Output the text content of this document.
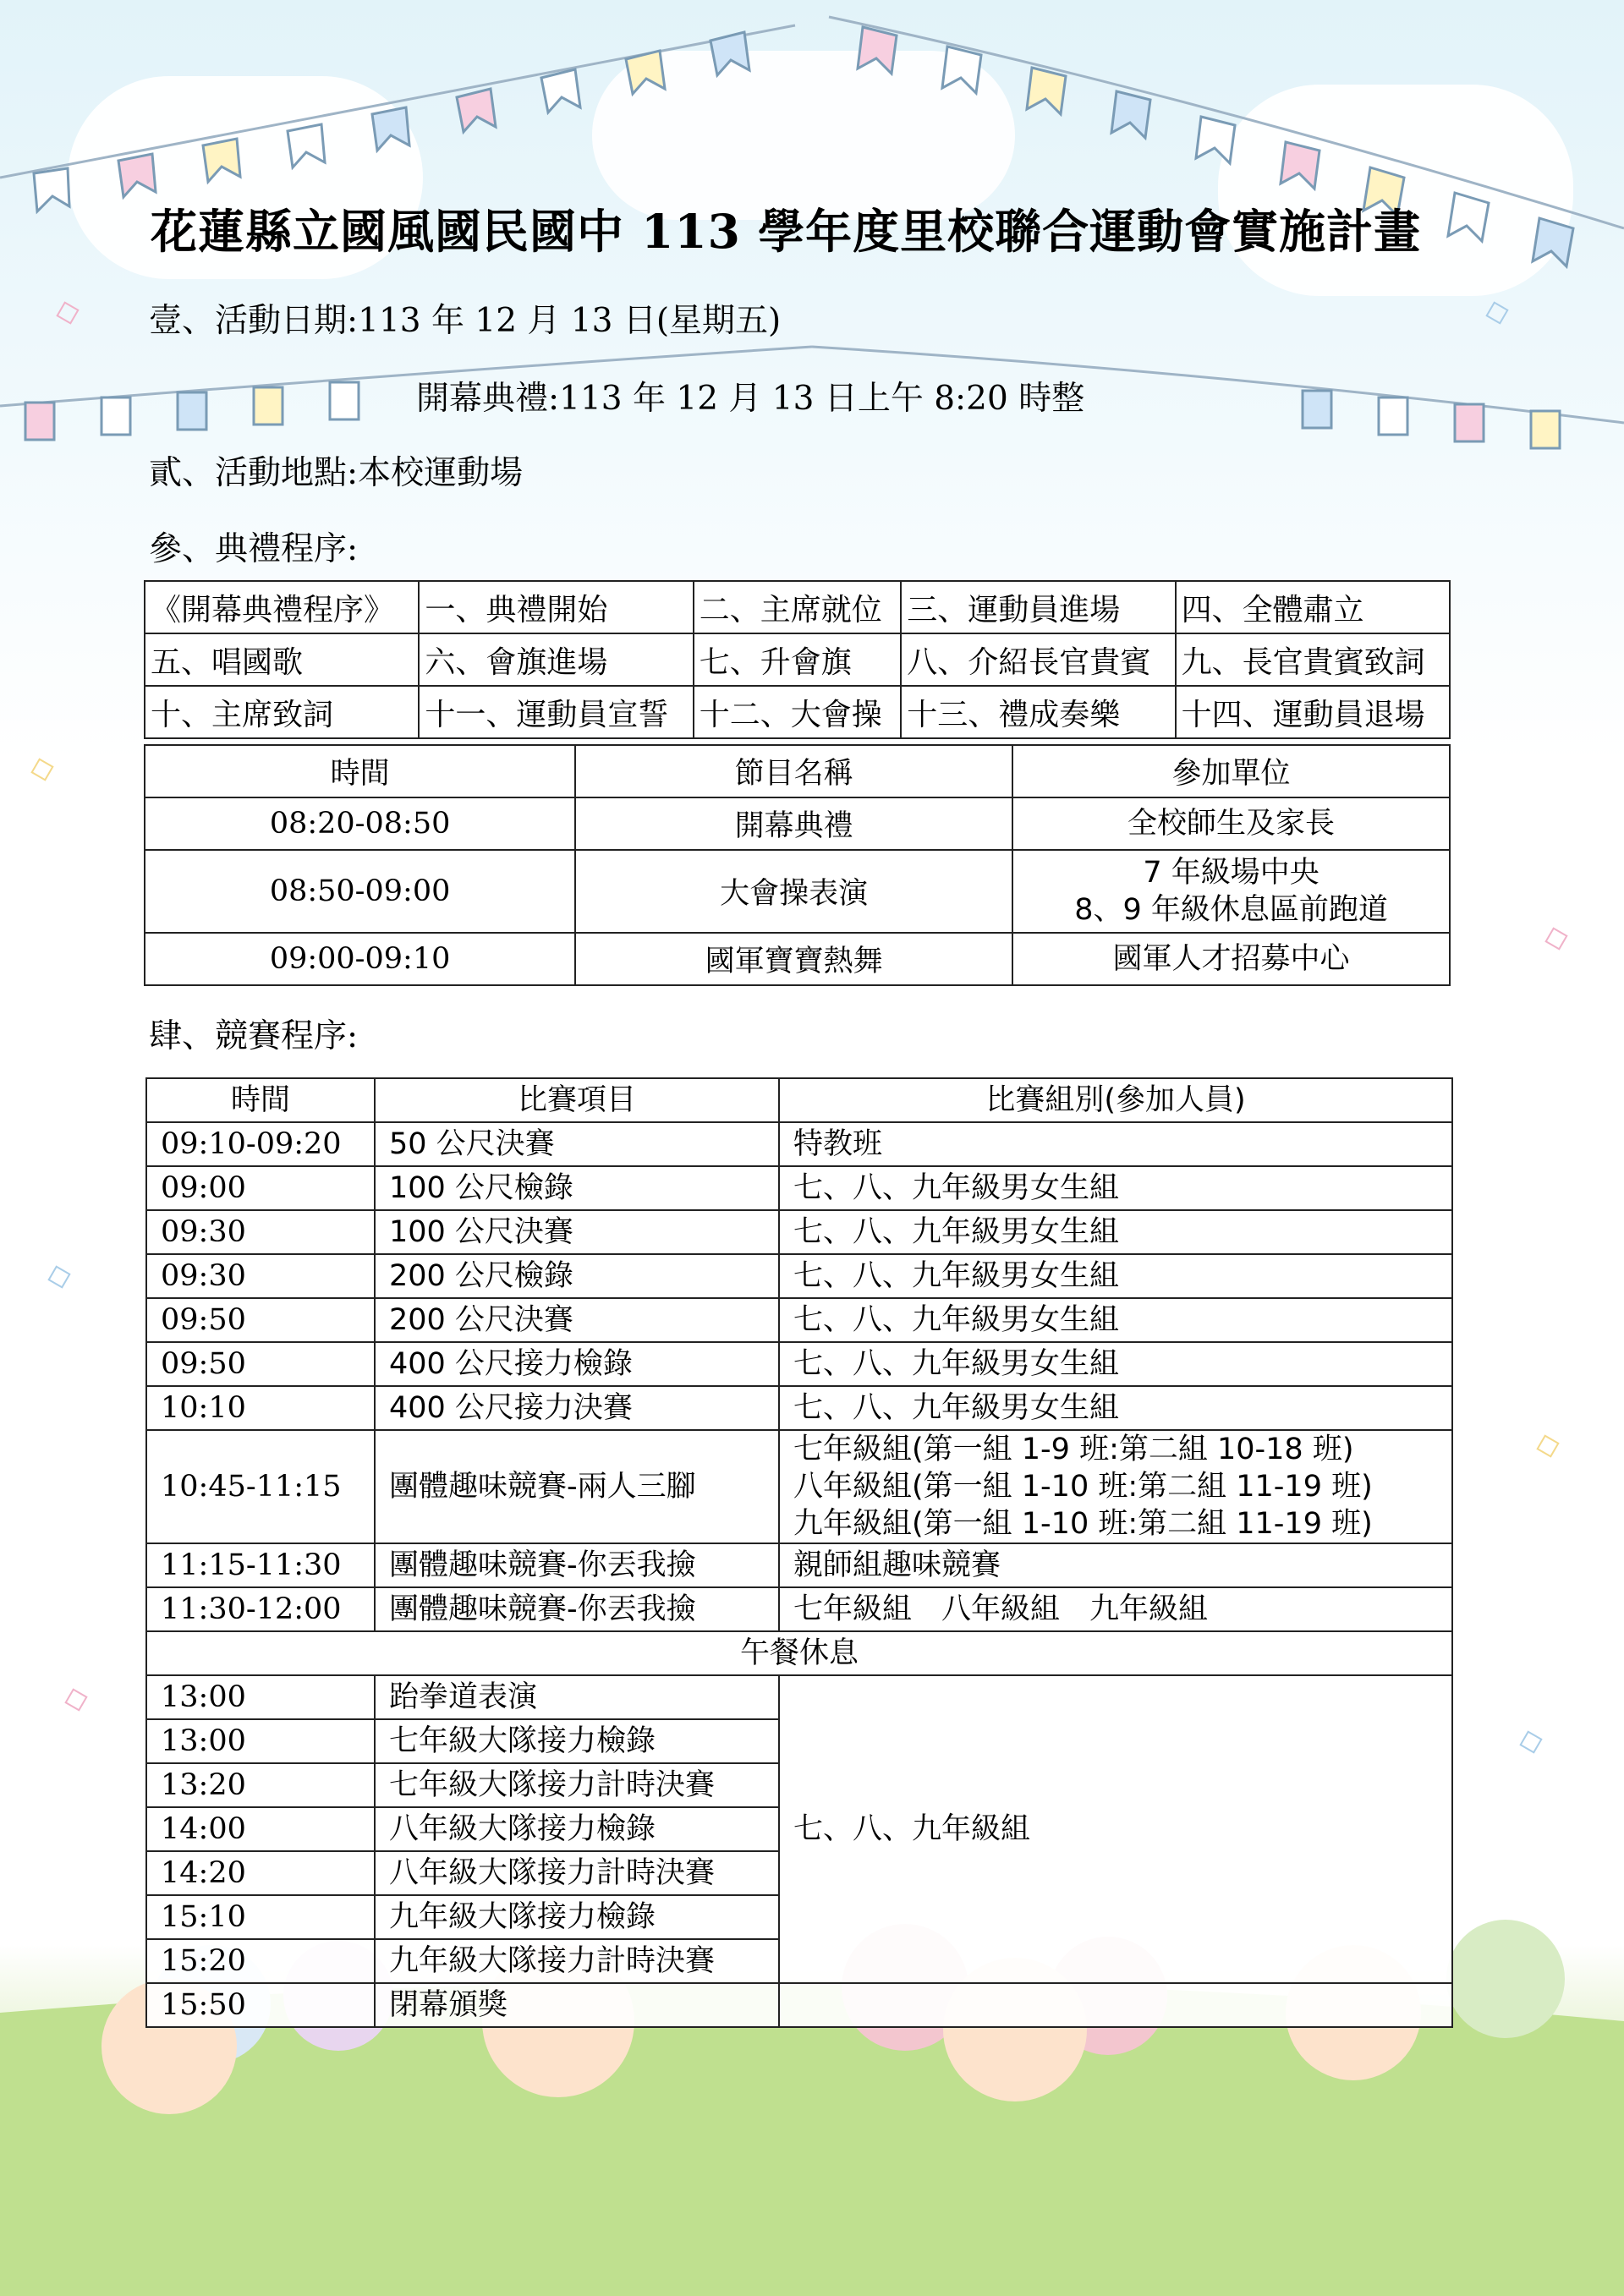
花蓮縣立國風國民國中 113 學年度里校聯合運動會實施計畫
壹、活動日期:113 年 12 月 13 日(星期五)
開幕典禮:113 年 12 月 13 日上午 8:20 時整
貳、活動地點:本校運動場
參、典禮程序:
《開幕典禮程序》	一、典禮開始	二、主席就位	三、運動員進場	四、全體肅立
五、唱國歌	六、會旗進場	七、升會旗	八、介紹長官貴賓	九、長官貴賓致詞
十、主席致詞	十一、運動員宣誓	十二、大會操	十三、禮成奏樂	十四、運動員退場
時間	節目名稱	參加單位
08:20-08:50	開幕典禮	全校師生及家長
08:50-09:00	大會操表演	7 年級場中央
8、9 年級休息區前跑道

09:00-09:10	國軍寶寶熱舞	國軍人才招募中心
肆、競賽程序:
時間	比賽項目	比賽組別(參加人員)
09:10-09:20	50 公尺決賽	特教班
09:00	100 公尺檢錄	七、八、九年級男女生組
09:30	100 公尺決賽	七、八、九年級男女生組
09:30	200 公尺檢錄	七、八、九年級男女生組
09:50	200 公尺決賽	七、八、九年級男女生組
09:50	400 公尺接力檢錄	七、八、九年級男女生組
10:10	400 公尺接力決賽	七、八、九年級男女生組
10:45-11:15	團體趣味競賽-兩人三腳	七年級組(第一組 1-9 班:第二組 10-18 班)
八年級組(第一組 1-10 班:第二組 11-19 班)
九年級組(第一組 1-10 班:第二組 11-19 班)

11:15-11:30	團體趣味競賽-你丟我撿	親師組趣味競賽
11:30-12:00	團體趣味競賽-你丟我撿	七年級組　八年級組　九年級組
午餐休息		
13:00	跆拳道表演	七、八、九年級組
13:00	七年級大隊接力檢錄	
13:20	七年級大隊接力計時決賽	
14:00	八年級大隊接力檢錄	
14:20	八年級大隊接力計時決賽	
15:10	九年級大隊接力檢錄	
15:20	九年級大隊接力計時決賽	
15:50	閉幕頒獎	
